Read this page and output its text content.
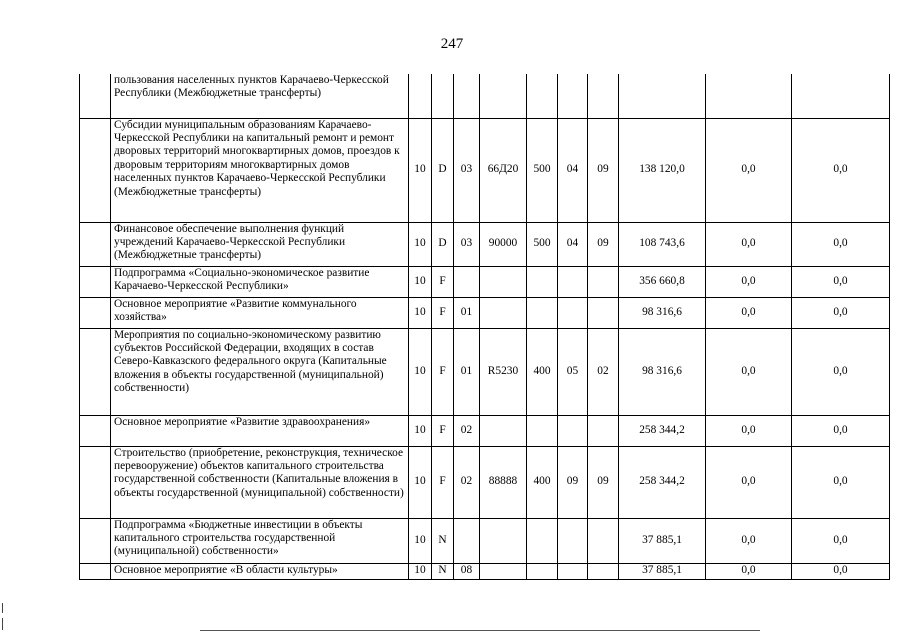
247
	пользования населенных пунктов Карачаево-Черкесской Республики (Межбюджетные трансферты)										
	Субсидии муниципальным образованиям Карачаево-Черкесской Республики на капитальный ремонт и ремонт дворовых территорий многоквартирных домов, проездов к дворовым территориям многоквартирных домов населенных пунктов Карачаево-Черкесской Республики (Межбюджетные трансферты)	10	D	03	66Д20	500	04	09	138 120,0	0,0	0,0
	Финансовое обеспечение выполнения функций учреждений Карачаево-Черкесской Республики (Межбюджетные трансферты)	10	D	03	90000	500	04	09	108 743,6	0,0	0,0
	Подпрограмма «Социально-экономическое развитие Карачаево-Черкесской Республики»	10	F						356 660,8	0,0	0,0
	Основное мероприятие «Развитие коммунального хозяйства»	10	F	01					98 316,6	0,0	0,0
	Мероприятия по социально-экономическому развитию субъектов Российской Федерации, входящих в состав Северо-Кавказского федерального округа (Капитальные вложения в объекты государственной (муниципальной) собственности)	10	F	01	R5230	400	05	02	98 316,6	0,0	0,0
	Основное мероприятие «Развитие здравоохранения»	10	F	02					258 344,2	0,0	0,0
	Строительство (приобретение, реконструкция, техническое перевооружение) объектов капитального строительства государственной собственности (Капитальные вложения в объекты государственной (муниципальной) собственности)	10	F	02	88888	400	09	09	258 344,2	0,0	0,0
	Подпрограмма «Бюджетные инвестиции в объекты капитального строительства государственной (муниципальной) собственности»	10	N						37 885,1	0,0	0,0
	Основное мероприятие «В области культуры»	10	N	08					37 885,1	0,0	0,0
